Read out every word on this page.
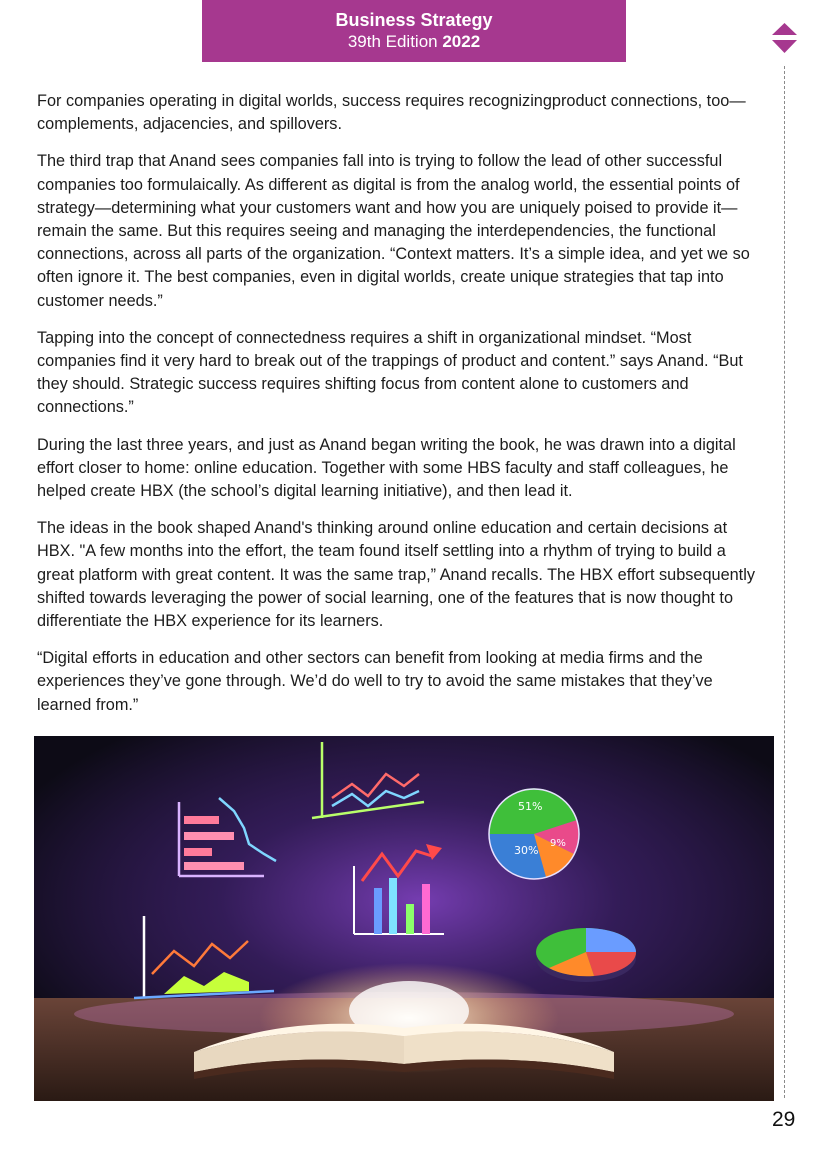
Business Strategy
39th Edition 2022

For companies operating in digital worlds, success requires recognizingproduct connections, too—complements, adjacencies, and spillovers.

The third trap that Anand sees companies fall into is trying to follow the lead of other successful companies too formulaically. As different as digital is from the analog world, the essential points of strategy—determining what your customers want and how you are uniquely poised to provide it—remain the same. But this requires seeing and managing the interdependencies, the functional connections, across all parts of the organization. “Context matters. It’s a simple idea, and yet we so often ignore it. The best companies, even in digital worlds, create unique strategies that tap into customer needs.”

Tapping into the concept of connectedness requires a shift in organizational mindset. “Most companies find it very hard to break out of the trappings of product and content.” says Anand. “But they should. Strategic success requires shifting focus from content alone to customers and connections.”

During the last three years, and just as Anand began writing the book, he was drawn into a digital effort closer to home: online education. Together with some HBS faculty and staff colleagues, he helped create HBX (the school’s digital learning initiative), and then lead it.

The ideas in the book shaped Anand's thinking around online education and certain decisions at HBX. "A few months into the effort, the team found itself settling into a rhythm of trying to build a great platform with great content. It was the same trap,” Anand recalls. The HBX effort subsequently shifted towards leveraging the power of social learning, one of the features that is now thought to differentiate the HBX experience for its learners.

“Digital efforts in education and other sectors can benefit from looking at media firms and the experiences they’ve gone through. We’d do well to try to avoid the same mistakes that they’ve learned from.”

51%
30%
9%
29
